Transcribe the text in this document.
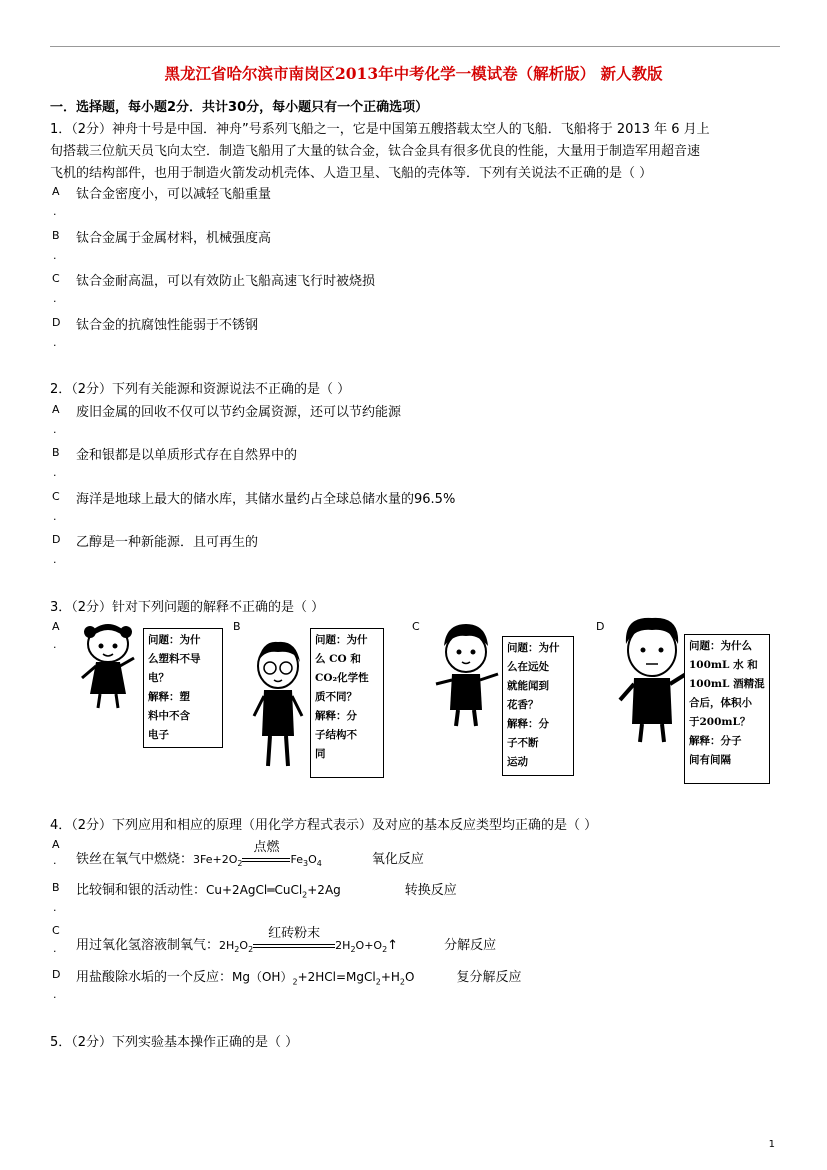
黑龙江省哈尔滨市南岗区2013年中考化学一模试卷（解析版） 新人教版
一．选择题，每小题2分．共计30分，每小题只有一个正确选项）
1．（2分）神舟十号是中国．神舟”号系列飞船之一，它是中国第五艘搭载太空人的飞船．飞船将于 2013 年 6 月上
旬搭载三位航天员飞向太空．制造飞船用了大量的钛合金，钛合金具有很多优良的性能，大量用于制造军用超音速
飞机的结构部件，也用于制造火箭发动机壳体、人造卫星、飞船的壳体等．下列有关说法不正确的是（ ）
A 钛合金密度小，可以减轻飞船重量
.
B 钛合金属于金属材料，机械强度高
.
C 钛合金耐高温，可以有效防止飞船高速飞行时被烧损
.
D 钛合金的抗腐蚀性能弱于不锈钢
.
2．（2分）下列有关能源和资源说法不正确的是（ ）
A 废旧金属的回收不仅可以节约金属资源，还可以节约能源
.
B 金和银都是以单质形式存在自然界中的
.
C 海洋是地球上最大的储水库，其储水量约占全球总储水量的96.5%
.
D 乙醇是一种新能源．且可再生的
.
3．（2分）针对下列问题的解释不正确的是（ ）
A
.	问题：为什
么塑料不导
电？
解释：塑
料中不含
电子
B
问题：为什
么 CO 和
CO₂化学性
质不同？
解释：分
子结构不
同
C
问题：为什
么在远处
就能闻到
花香？
解释：分
子不断
运动
D
问题：为什么
100mL 水 和
100mL 酒精混
合后，体积小
于200mL？
解释：分子
间有间隔
4．（2分）下列应用和相应的原理（用化学方程式表示）及对应的基本反应类型均正确的是（ ）
A
. 铁丝在氧气中燃烧：$3Fe+2O_2$
点燃
$Fe_3O_4$	氧化反应
B
.
比较铜和银的活动性：Cu+2AgCl═CuCl$_2$+2Ag	转换反应
C
. 用过氧化氢溶液制氧气：$2H_2O_2$
红砖粉末
$2H_2O+O_2↑$	分解反应
D
.
用盐酸除水垢的一个反应：$Mg(OH)_2+2HCl=MgCl_2+H_2O$	复分解反应
5．（2分）下列实验基本操作正确的是（ ）
1
